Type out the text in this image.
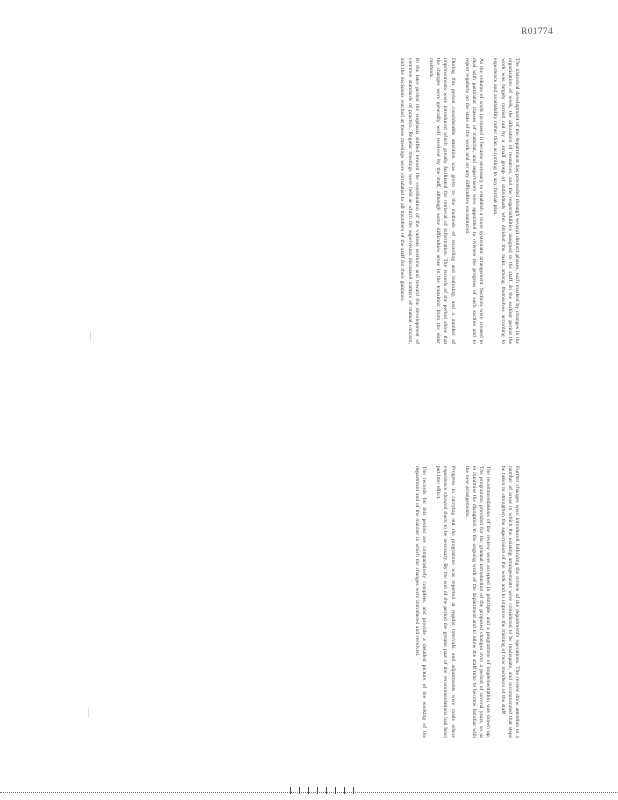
R01774
......
......

The historical development of the department has proceeded through several distinct phases, each marked by changes in the organization of work, the allocation of resources, and the responsibilities assigned to the staff. In the earliest period the work was largely carried out by a small group of individuals who divided the tasks among themselves according to experience and availability rather than according to any formal plan.

As the volume of work increased it became necessary to establish a more systematic arrangement. Sections were created to deal with particular classes of material, and supervisors were appointed to oversee the progress of each section and to report regularly on the state of the work and on any difficulties encountered.

During this period considerable attention was given to the methods of recording and indexing, and a number of improvements were introduced which greatly facilitated the retrieval of information. The records of the period show that the changes were generally well received by the staff, although some difficulties arose in the transition from the older methods.

In the later period the emphasis shifted toward the coordination of the various sections and toward the development of common standards of practice. Regular meetings were held at which the supervisors discussed matters of mutual concern, and the decisions reached at these meetings were circulated to all members of the staff for their guidance.

Further changes were introduced following the review of the department's operations. The review drew attention to a number of areas in which the existing arrangements were considered to be inadequate, and recommended that steps be taken to strengthen the supervision of the work and to improve the training of new members of the staff.

The recommendations of the review were accepted in principle, and a programme of implementation was drawn up. The programme provided for the gradual introduction of the proposed changes over a period of several years, so as to minimise the disruption to the ongoing work of the department and to allow the staff time to become familiar with the new arrangements.

Progress in carrying out the programme was reported at regular intervals, and adjustments were made where experience showed them to be necessary. By the end of the period the greater part of the recommendations had been put into effect.

The records for this period are comparatively complete, and provide a detailed picture of the working of the department and of the manner in which the changes were introduced and received.
